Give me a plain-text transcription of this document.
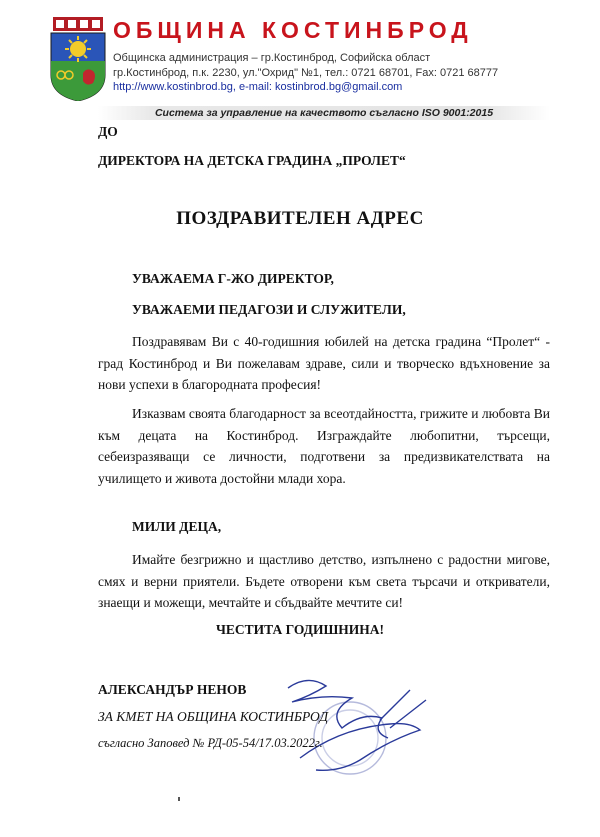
ОБЩИНА КОСТИНБРОД
Общинска администрация – гр.Костинброд, Софийска област
гр.Костинброд, п.к. 2230, ул."Охрид" №1, тел.: 0721 68701, Fax: 0721 68777
http://www.kostinbrod.bg, e-mail: kostinbrod.bg@gmail.com
Система за управление на качеството съгласно ISO 9001:2015
ДО
ДИРЕКТОРА НА ДЕТСКА ГРАДИНА „ПРОЛЕТ“
ПОЗДРАВИТЕЛЕН АДРЕС
УВАЖАЕМА Г-ЖО ДИРЕКТОР,
УВАЖАЕМИ ПЕДАГОЗИ И СЛУЖИТЕЛИ,
Поздравявам Ви с 40-годишния юбилей на детска градина “Пролет“ - град Костинброд и Ви пожелавам здраве, сили и творческо вдъхновение за нови успехи в благородната професия!
Изказвам своята благодарност за всеотдайността, грижите и любовта Ви към децата на Костинброд. Изграждайте любопитни, търсещи, себеизразяващи се личности, подготвени за предизвикателствата на училището и живота достойни млади хора.
МИЛИ ДЕЦА,
Имайте безгрижно и щастливо детство, изпълнено с радостни мигове, смях и верни приятели. Бъдете отворени към света търсачи и откриватели, знаещи и можещи, мечтайте и сбъдвайте мечтите си!
ЧЕСТИТА ГОДИШНИНА!
АЛЕКСАНДЪР НЕНОВ
ЗА КМЕТ НА ОБЩИНА КОСТИНБРОД
съгласно Заповед № РД-05-54/17.03.2022г.
